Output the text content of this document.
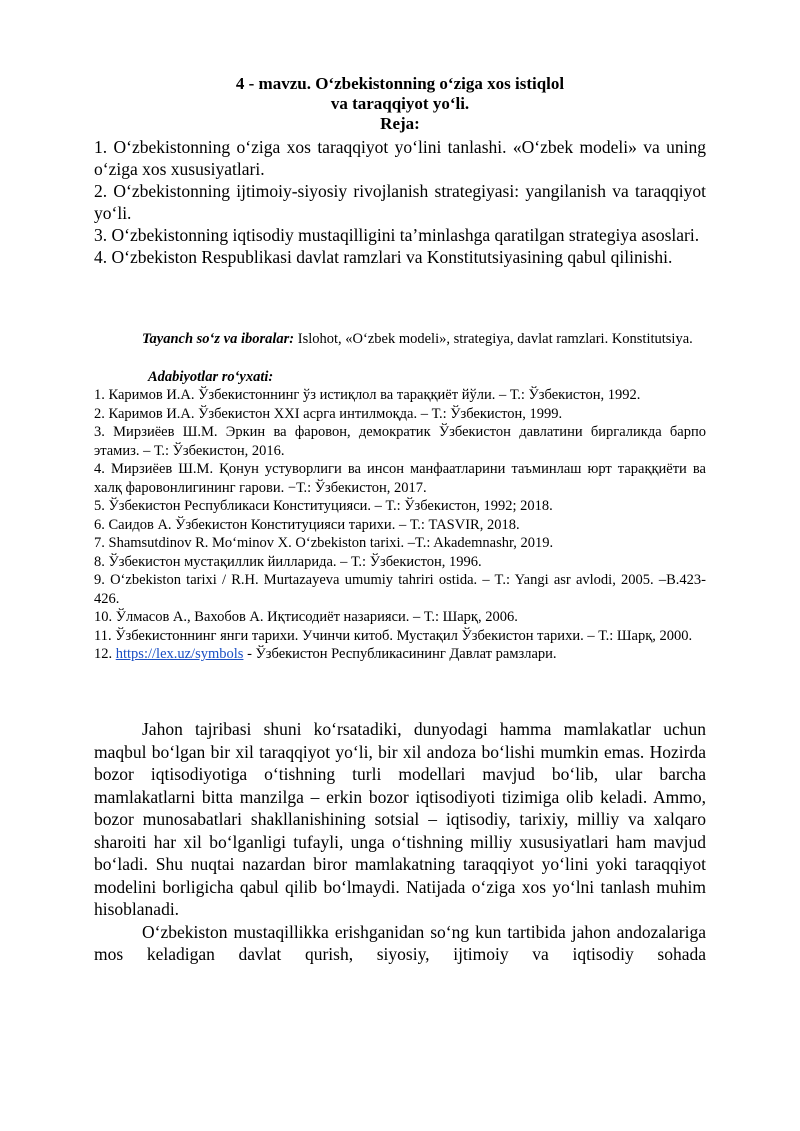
4 - mavzu. O‘zbekistonning o‘ziga xos istiqlol
va taraqqiyot yo‘li.
Reja:

1. O‘zbekistonning o‘ziga xos taraqqiyot yo‘lini tanlashi. «O‘zbek modeli» va uning o‘ziga xos xususiyatlari.

2. O‘zbekistonning ijtimoiy-siyosiy rivojlanish strategiyasi: yangilanish va taraqqiyot yo‘li.

3. O‘zbekistonning iqtisodiy mustaqilligini ta’minlashga qaratilgan strategiya asoslari.

4. O‘zbekiston Respublikasi davlat ramzlari va Konstitutsiyasining qabul qilinishi.

Tayanch so‘z va iboralar: Islohot, «O‘zbek modeli», strategiya, davlat ramzlari. Konstitutsiya.
Adabiyotlar ro‘yxati:

1. Каримов И.А. Ўзбекистоннинг ўз истиқлол ва тараққиёт йўли. – Т.: Ўзбекистон, 1992.

2. Каримов И.А. Ўзбекистон XXI асрга интилмоқда. – Т.: Ўзбекистон, 1999.

3. Мирзиёев Ш.М. Эркин ва фаровон, демократик Ўзбекистон давлатини биргаликда барпо этамиз. – Т.: Ўзбекистон, 2016.

4. Мирзиёев Ш.М. Қонун устуворлиги ва инсон манфаатларини таъминлаш юрт тараққиёти ва халқ фаровонлигининг гарови. −Т.: Ўзбекистон, 2017.

5. Ўзбекистон Республикаси Конституцияси. – Т.: Ўзбекистон, 1992; 2018.

6. Саидов А. Ўзбекистон Конституцияси тарихи. – Т.: TASVIR, 2018.

7. Shamsutdinov R. Mo‘minov X. O‘zbekiston tarixi. –T.: Akademnashr, 2019.

8. Ўзбекистон мустақиллик йилларида. – Т.: Ўзбекистон, 1996.

9. O‘zbekiston tarixi / R.H. Murtazayeva umumiy tahriri ostida. – T.: Yangi asr avlodi, 2005. –B.423-426.

10. Ўлмасов А., Вахобов А. Иқтисодиёт назарияси. – Т.: Шарқ, 2006.

11. Ўзбекистоннинг янги тарихи. Учинчи китоб. Мустақил Ўзбекистон тарихи. – Т.: Шарқ, 2000.

12. https://lex.uz/symbols - Ўзбекистон Республикасининг Давлат рамзлари.

Jahon tajribasi shuni ko‘rsatadiki, dunyodagi hamma mamlakatlar uchun maqbul bo‘lgan bir xil taraqqiyot yo‘li, bir xil andoza bo‘lishi mumkin emas. Hozirda bozor iqtisodiyotiga o‘tishning turli modellari mavjud bo‘lib, ular barcha mamlakatlarni bitta manzilga – erkin bozor iqtisodiyoti tizimiga olib keladi. Ammo, bozor munosabatlari shakllanishining sotsial – iqtisodiy, tarixiy, milliy va xalqaro sharoiti har xil bo‘lganligi tufayli, unga o‘tishning milliy xususiyatlari ham mavjud bo‘ladi. Shu nuqtai nazardan biror mamlakatning taraqqiyot yo‘lini yoki taraqqiyot modelini borligicha qabul qilib bo‘lmaydi. Natijada o‘ziga xos yo‘lni tanlash muhim hisoblanadi.

O‘zbekiston mustaqillikka erishganidan so‘ng kun tartibida jahon andozalariga mos keladigan davlat qurish, siyosiy, ijtimoiy va iqtisodiy sohada
